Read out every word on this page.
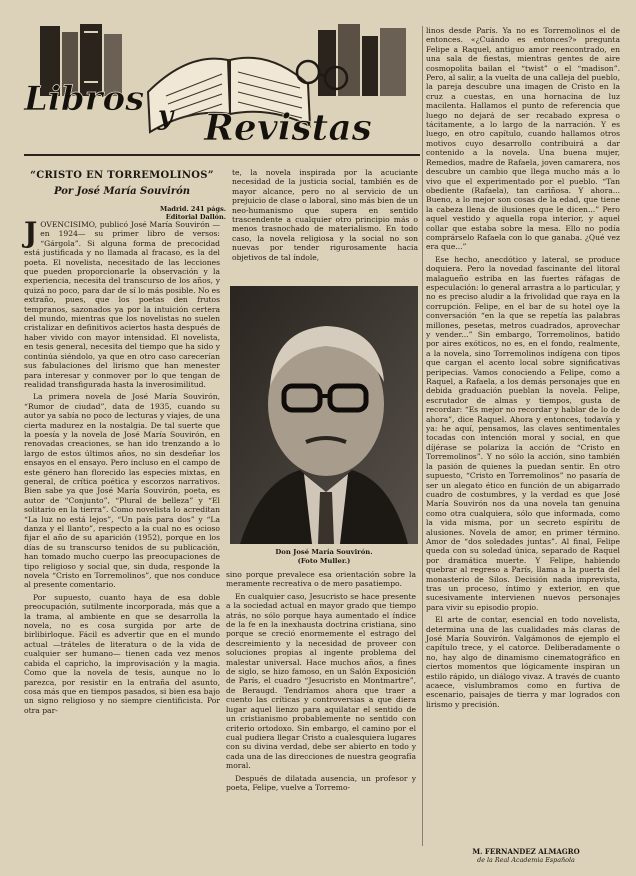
Libros y Revistas
“CRISTO EN TORREMOLINOS”
Por José María Souvirón
Madrid. 241 págs.
Editorial Dallón.

JOVENCISIMO, publicó José María Souvirón —en 1924— su primer libro de versos: “Gárgola”. Si alguna forma de precocidad está justificada y no llamada al fracaso, es la del poeta. El novelista, necesitado de las lecciones que pueden proporcionarle la observación y la experiencia, necesita del transcurso de los años, y quizá no poco, para dar de sí lo más posible. No es extraño, pues, que los poetas den frutos tempranos, sazonados ya por la intuición certera del mundo, mientras que los novelistas no suelen cristalizar en definitivos aciertos hasta después de haber vivido con mayor intensidad. El novelista, en tesis general, necesita del tiempo que ha sido y continúa siéndolo, ya que en otro caso carecerían sus fabulaciones del lirismo que han menester para interesar y conmover por lo que tengan de realidad transfigurada hasta la inverosimilitud.

La primera novela de José María Souvirón, “Rumor de ciudad”, data de 1935, cuando su autor ya sabía no poco de lecturas y viajes, de una cierta madurez en la nostalgia. De tal suerte que la poesía y la novela de José María Souvirón, en renovadas creaciones, se han ido trenzando a lo largo de estos últimos años, no sin desdeñar los ensayos en el ensayo. Pero incluso en el campo de este género han florecido las especies mixtas, en general, de crítica poética y escorzos narrativos. Bien sabe ya que José María Souvirón, poeta, es autor de “Conjunto”, “Plural de belleza” y “El solitario en la tierra”. Como novelista lo acreditan “La luz no está lejos”, “Un país para dos” y “La danza y el llanto”, respecto a la cual no es ocioso fijar el año de su aparición (1952), porque en los días de su transcurso tenidos de su publicación, han tomado mucho cuerpo las preocupaciones de tipo religioso y social que, sin duda, responde la novela “Cristo en Torremolinos”, que nos conduce al presente comentario.

Por supuesto, cuanto haya de esa doble preocupación, sutilmente incorporada, más que a la trama, al ambiente en que se desarrolla la novela, no es cosa surgida por arte de birlibirloque. Fácil es advertir que en el mundo actual —tráteles de literatura o de la vida de cualquier ser humano— tienen cada vez menos cabida el capricho, la improvisación y la magia. Como que la novela de tesis, aunque no lo parezca, por resistir en la entraña del asunto, cosa más que en tiempos pasados, si bien esa bajo un signo religioso y no siempre cientificista. Por otra par-

te, la novela inspirada por la acuciante necesidad de la justicia social, también es de mayor alcance, pero no al servicio de un prejuicio de clase o laboral, sino más bien de un neo-humanismo que supera en sentido trascendente a cualquier otro principio más o menos trasnochado de materialismo. En todo caso, la novela religiosa y la social no son nuevas por tender rigurosamente hacia objetivos de tal índole,
Don José María Souvirón.
(Foto Muller.)

sino porque prevalece esa orientación sobre la meramente recreativa o de mero pasatiempo.

En cualquier caso, Jesucristo se hace presente a la sociedad actual en mayor grado que tiempo atrás, no sólo porque haya aumentado el índice de la fe en la inexhausta doctrina cristiana, sino porque se creció enormemente el estrago del descreimiento y la necesidad de proveer con soluciones propias al ingente problema del malestar universal. Hace muchos años, a fines de siglo, se hizo famoso, en un Salón Exposición de París, el cuadro “Jesucristo en Montmartre”, de Beraugd. Tendríamos ahora que traer a cuento las críticas y controversias a que diera lugar aquel lienzo para aquilatar el sentido de un cristianismo probablemente no sentido con criterio ortodoxo. Sin embargo, el camino por el cual pudiera llegar Cristo a cualesquiera lugares con su divina verdad, debe ser abierto en todo y cada una de las direcciones de nuestra geografía moral.

Después de dilatada ausencia, un profesor y poeta, Felipe, vuelve a Torremo-

linos desde París. Ya no es Torremolinos el de entonces. «¿Cuándo es entonces?» pregunta Felipe a Raquel, antiguo amor reencontrado, en una sala de fiestas, mientras gentes de aire cosmopolita bailan el “twist” o el “madison”. Pero, al salir, a la vuelta de una calleja del pueblo, la pareja descubre una imagen de Cristo en la cruz a cuestas, en una hornacina de luz macilenta. Hallamos el punto de referencia que luego no dejará de ser recabado expresa o tácitamente, a lo largo de la narración. Y es luego, en otro capítulo, cuando hallamos otros motivos cuyo desarrollo contribuirá a dar contenido a la novela. Una buena mujer, Remedios, madre de Rafaela, joven camarera, nos descubre un cambio que llega mucho más a lo vivo que el experimentado por el pueblo. “Tan obediente (Rafaela), tan cariñosa. Y ahora... Bueno, a lo mejor son cosas de la edad, que tiene la cabeza llena de ilusiones que le dicen...” Pero aquel vestido y aquella ropa interior, y aquel collar que estaba sobre la mesa. Ello no podía comprárselo Rafaela con lo que ganaba. ¿Qué vez era que...”

Ese hecho, anecdótico y lateral, se produce doquiera. Pero la novedad fascinante del litoral malagueño estriba en las fuertes ráfagas de especulación: lo general arrastra a lo particular, y no es preciso aludir a la frivolidad que raya en la corrupción. Felipe, en el bar de su hotel oye la conversación “en la que se repetía las palabras millones, pesetas, metros cuadrados, aprovechar y vender...” Sin embargo, Torremolinos, batido por aires exóticos, no es, en el fondo, realmente, a la novela, sino Torremolinos indígena con tipos que cargan el acento local sobre significativas peripecias. Vamos conociendo a Felipe, como a Raquel, a Rafaela, a los demás personajes que en debida graduación pueblan la novela. Felipe, escrutador de almas y tiempos, gusta de recordar: “Es mejor no recordar y hablar de lo de ahora”, dice Raquel. Ahora y entonces, todavía y ya: he aquí, pensamos, las claves sentimentales tocadas con intención moral y social, en que díjérase se polariza la acción de “Cristo en Torremolinos”. Y no sólo la acción, sino también la pasión de quienes la puedan sentir. En otro supuesto, “Cristo en Torremolinos” no pasaría de ser un alegato ético en función de un abigarrado cuadro de costumbres, y la verdad es que José María Souvirón nos da una novela tan genuina como otra cualquiera, sólo que informada, como la vida misma, por un secreto espíritu de alusiones. Novela de amor, en primer término. Amor de “dos soledades juntas”. Al final, Felipe queda con su soledad única, separado de Raquel por dramática muerte. Y Felipe, habiendo quebrar al regreso a París, llama a la puerta del monasterio de Silos. Decisión nada imprevista, tras un proceso, íntimo y exterior, en que sucesivamente intervienen nuevos personajes para vivir su episodio propio.

El arte de contar, esencial en todo novelista, determina una de las cualidades más claras de José María Souvirón. Valgámonos de ejemplo el capítulo trece, y el catorce. Deliberadamente o no, hay algo de dinamismo cinematográfico en ciertos momentos que lógicamente inspiran un estilo rápido, un diálogo vivaz. A través de cuanto acaece, vislumbramos como en furtiva de escenario, paisajes de tierra y mar logrados con lirismo y precisión.

M. FERNANDEZ ALMAGRO
de la Real Academia Española
